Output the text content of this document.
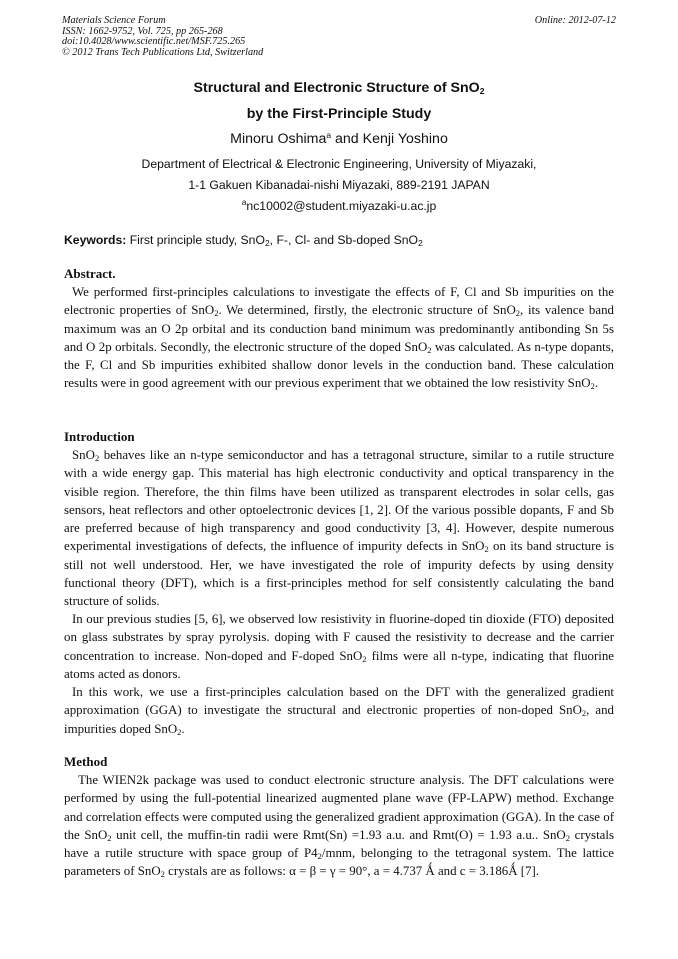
Materials Science Forum
ISSN: 1662-9752, Vol. 725, pp 265-268
doi:10.4028/www.scientific.net/MSF.725.265
© 2012 Trans Tech Publications Ltd, Switzerland
Online: 2012-07-12
Structural and Electronic Structure of SnO$_2$
by the First-Principle Study
Minoru Oshima$^a$ and Kenji Yoshino
Department of Electrical & Electronic Engineering, University of Miyazaki,
1-1 Gakuen Kibanadai-nishi Miyazaki, 889-2191 JAPAN
$^a$nc10002@student.miyazaki-u.ac.jp
Keywords: First principle study, SnO$_2$, F-, Cl- and Sb-doped SnO$_2$
Abstract.
We performed first-principles calculations to investigate the effects of F, Cl and Sb impurities on the electronic properties of SnO$_2$. We determined, firstly, the electronic structure of SnO$_2$, its valence band maximum was an O 2p orbital and its conduction band minimum was predominantly antibonding Sn 5s and O 2p orbitals. Secondly, the electronic structure of the doped SnO$_2$ was calculated. As n-type dopants, the F, Cl and Sb impurities exhibited shallow donor levels in the conduction band. These calculation results were in good agreement with our previous experiment that we obtained the low resistivity SnO$_2$.
Introduction
SnO$_2$ behaves like an n-type semiconductor and has a tetragonal structure, similar to a rutile structure with a wide energy gap. This material has high electronic conductivity and optical transparency in the visible region. Therefore, the thin films have been utilized as transparent electrodes in solar cells, gas sensors, heat reflectors and other optoelectronic devices [1, 2]. Of the various possible dopants, F and Sb are preferred because of high transparency and good conductivity [3, 4]. However, despite numerous experimental investigations of defects, the influence of impurity defects in SnO$_2$ on its band structure is still not well understood. Her, we have investigated the role of impurity defects by using density functional theory (DFT), which is a first-principles method for self consistently calculating the band structure of solids.
In our previous studies [5, 6], we observed low resistivity in fluorine-doped tin dioxide (FTO) deposited on glass substrates by spray pyrolysis. doping with F caused the resistivity to decrease and the carrier concentration to increase. Non-doped and F-doped SnO$_2$ films were all n-type, indicating that fluorine atoms acted as donors.
In this work, we use a first-principles calculation based on the DFT with the generalized gradient approximation (GGA) to investigate the structural and electronic properties of non-doped SnO$_2$, and impurities doped SnO$_2$.
Method
The WIEN2k package was used to conduct electronic structure analysis. The DFT calculations were performed by using the full-potential linearized augmented plane wave (FP-LAPW) method. Exchange and correlation effects were computed using the generalized gradient approximation (GGA). In the case of the SnO$_2$ unit cell, the muffin-tin radii were Rmt(Sn) =1.93 a.u. and Rmt(O) = 1.93 a.u.. SnO$_2$ crystals have a rutile structure with space group of $P4_2$/mnm, belonging to the tetragonal system. The lattice parameters of SnO$_2$ crystals are as follows: α = β = γ = 90°, a = 4.737 Ǻ and c = 3.186Ǻ [7].
